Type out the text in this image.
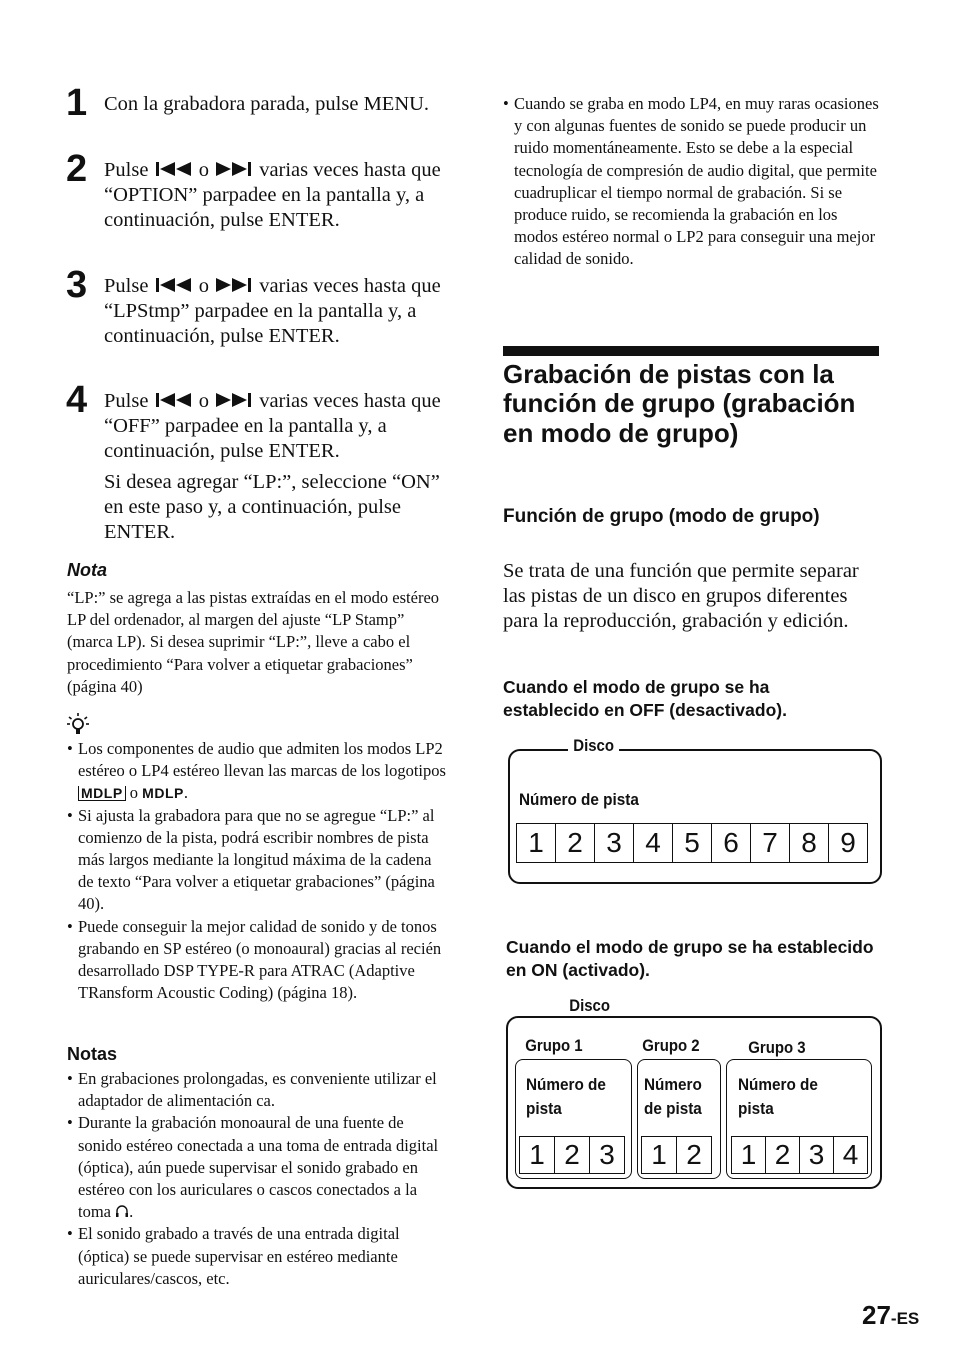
1 Con la grabadora parada, pulse MENU.
2 Pulse o varias veces hasta que “OPTION” parpadee en la pantalla y, a continuación, pulse ENTER.
3 Pulse o varias veces hasta que “LPStmp” parpadee en la pantalla y, a continuación, pulse ENTER.
4 Pulse o varias veces hasta que “OFF” parpadee en la pantalla y, a continuación, pulse ENTER.
Si desea agregar “LP:”, seleccione “ON” en este paso y, a continuación, pulse ENTER.
Nota
“LP:” se agrega a las pistas extraídas en el modo estéreo LP del ordenador, al margen del ajuste “LP Stamp” (marca LP). Si desea suprimir “LP:”, lleve a cabo el procedimiento “Para volver a etiquetar grabaciones” (página 40)
• Los componentes de audio que admiten los modos LP2 estéreo o LP4 estéreo llevan las marcas de los logotipos MDLP o MDLP.
• Si ajusta la grabadora para que no se agregue “LP:” al comienzo de la pista, podrá escribir nombres de pista más largos mediante la longitud máxima de la cadena de texto “Para volver a etiquetar grabaciones” (página 40).
• Puede conseguir la mejor calidad de sonido y de tonos grabando en SP estéreo (o monoaural) gracias al recién desarrollado DSP TYPE-R para ATRAC (Adaptive TRansform Acoustic Coding) (página 18).
Notas
• En grabaciones prolongadas, es conveniente utilizar el adaptador de alimentación ca.
• Durante la grabación monoaural de una fuente de sonido estéreo conectada a una toma de entrada digital (óptica), aún puede supervisar el sonido grabado en estéreo con los auriculares o cascos conectados a la toma .
• El sonido grabado a través de una entrada digital (óptica) se puede supervisar en estéreo mediante auriculares/cascos, etc.
• Cuando se graba en modo LP4, en muy raras ocasiones y con algunas fuentes de sonido se puede producir un ruido momentáneamente. Esto se debe a la especial tecnología de compresión de audio digital, que permite cuadruplicar el tiempo normal de grabación. Si se produce ruido, se recomienda la grabación en los modos estéreo normal o LP2 para conseguir una mejor calidad de sonido.
Grabación de pistas con la función de grupo (grabación en modo de grupo)
Función de grupo (modo de grupo)
Se trata de una función que permite separar las pistas de un disco en grupos diferentes para la reproducción, grabación y edición.
Cuando el modo de grupo se ha establecido en OFF (desactivado).
Disco
Número de pista
1 2 3 4 5 6 7 8 9
Cuando el modo de grupo se ha establecido en ON (activado).
Disco
Grupo 1
Número de pista
1 2 3
Grupo 2
Número de pista
1 2
Grupo 3
Número de pista
1 2 3 4
27-ES
